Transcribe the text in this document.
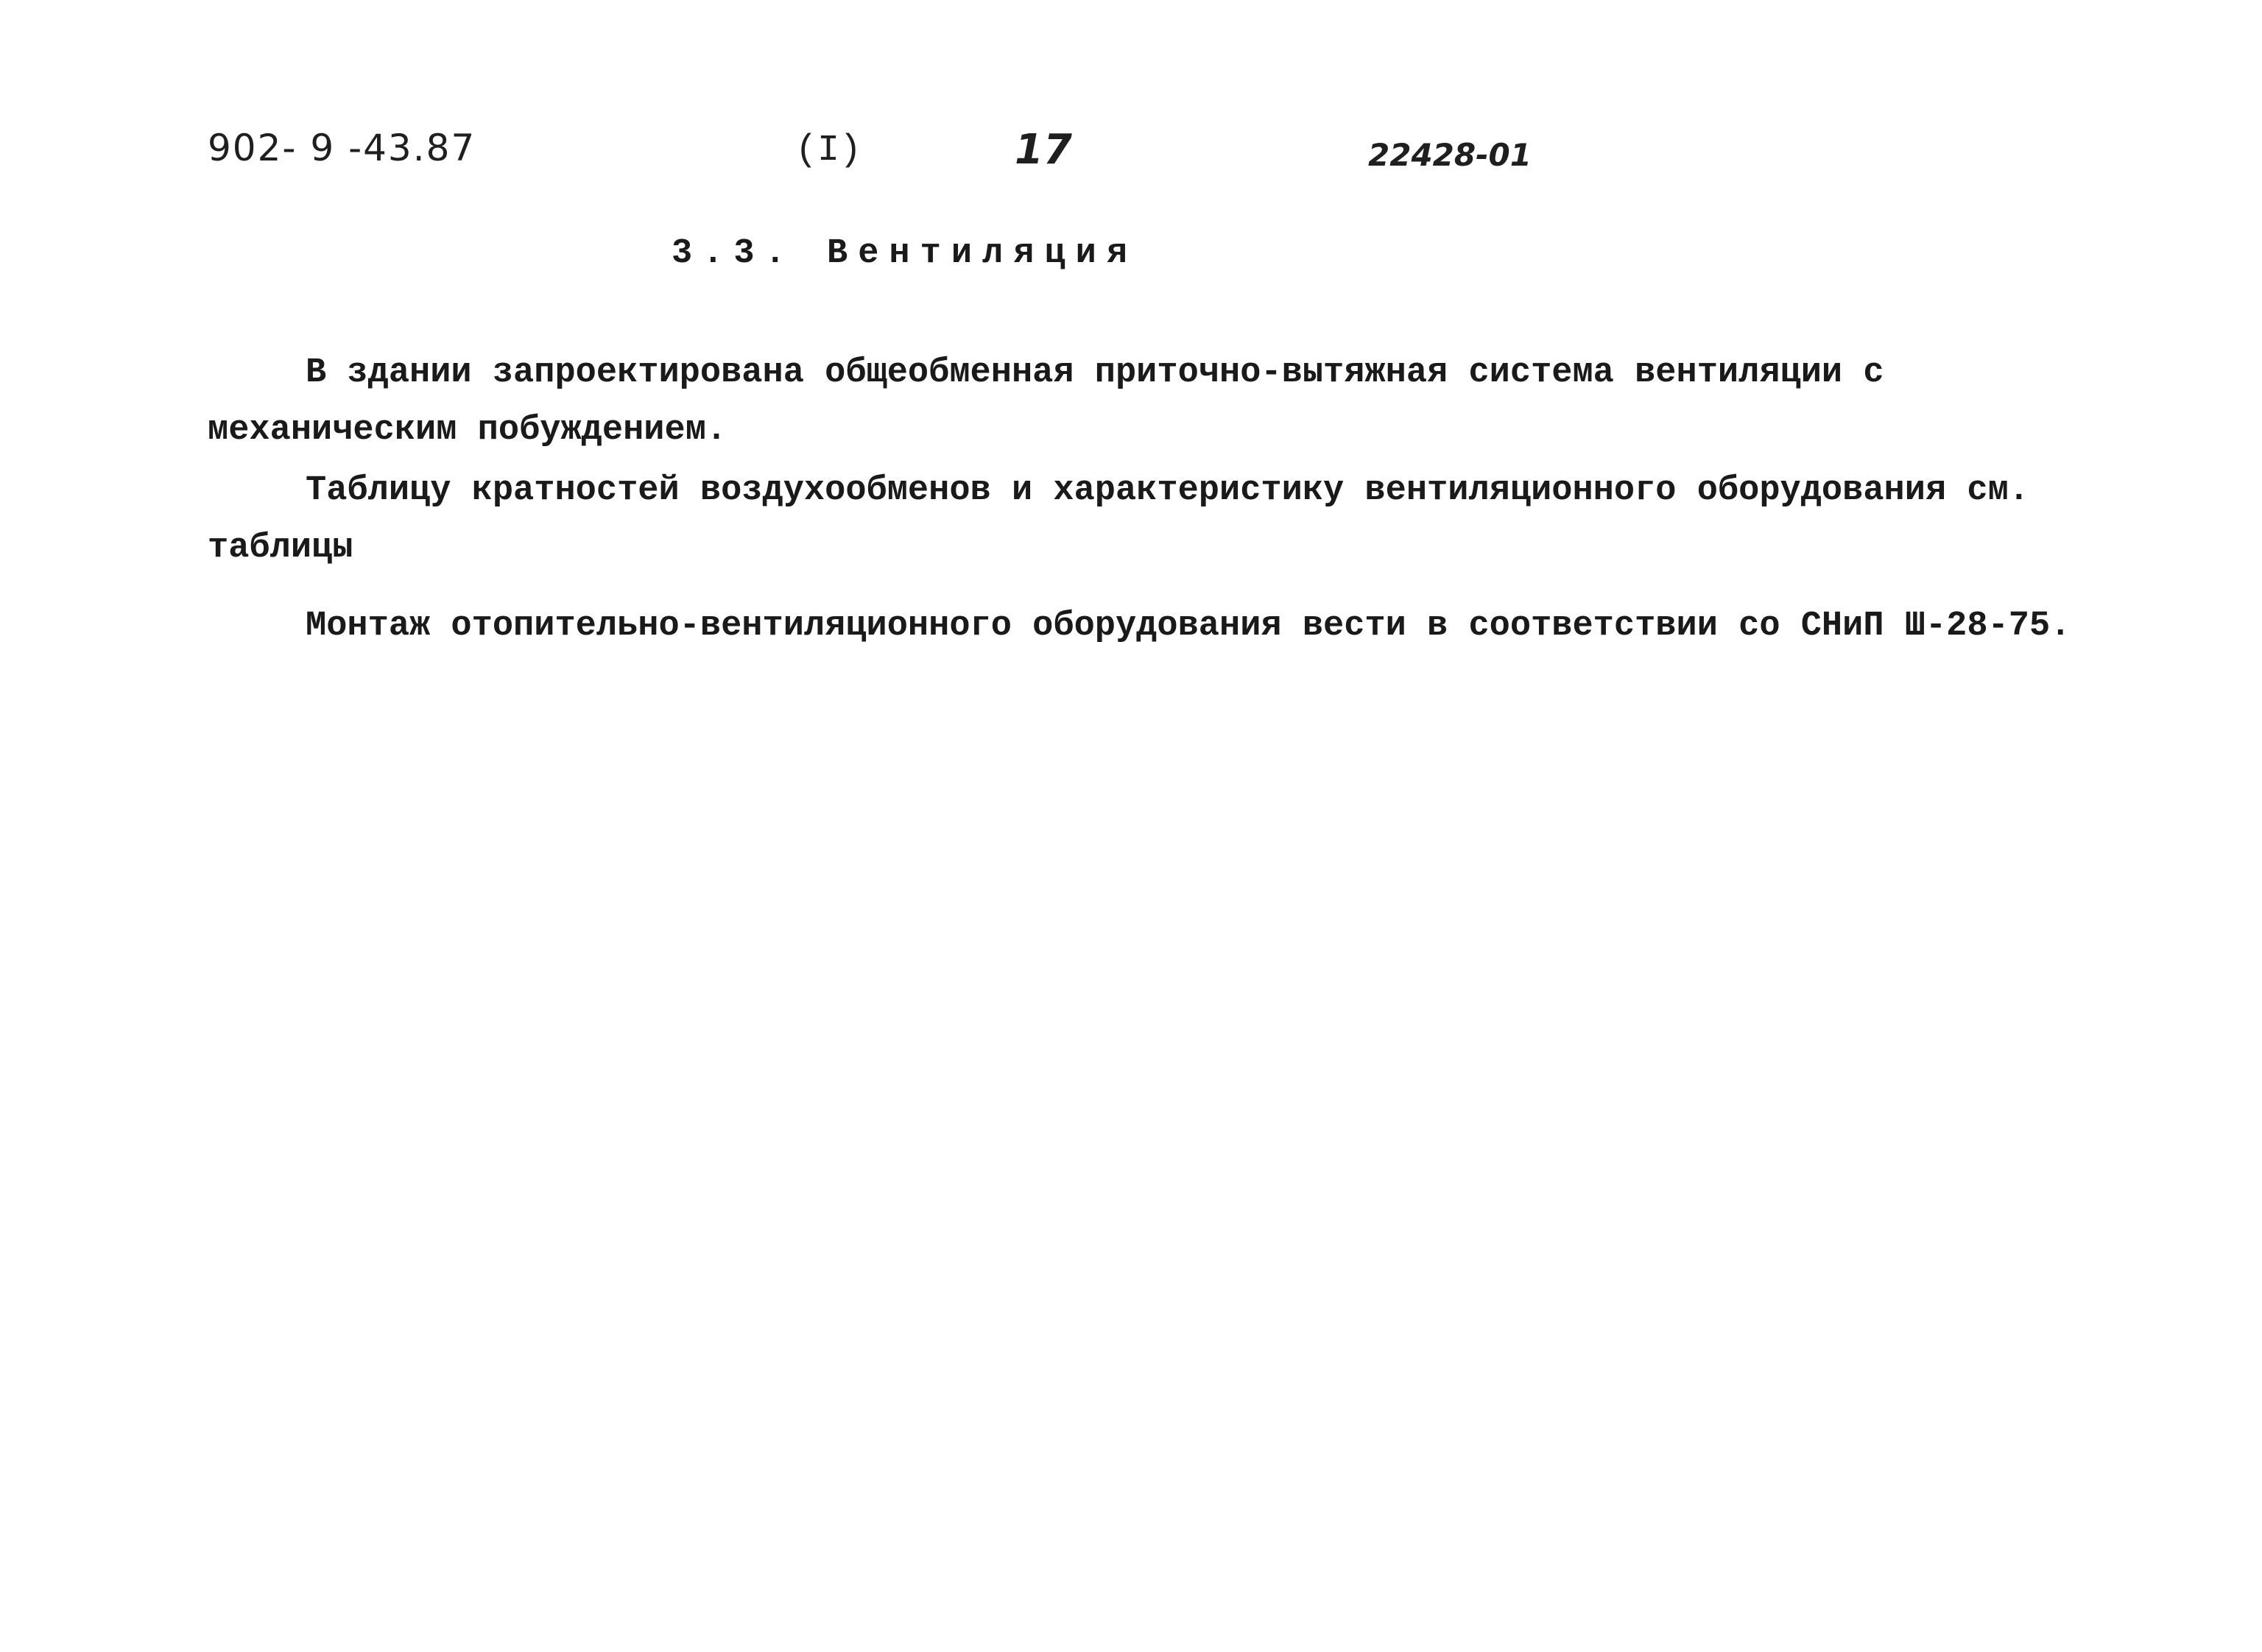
902- 9 -43.87	(I)	17	22428-01
3.3. Вентиляция

В здании запроектирована общеобменная приточно-вытяжная система вентиляции с механическим побуждением.

Таблицу кратностей воздухообменов и характеристику вентиляционного оборудования см. таблицы

Монтаж отопительно-вентиляционного оборудования вести в соответствии со СНиП Ш-28-75.
